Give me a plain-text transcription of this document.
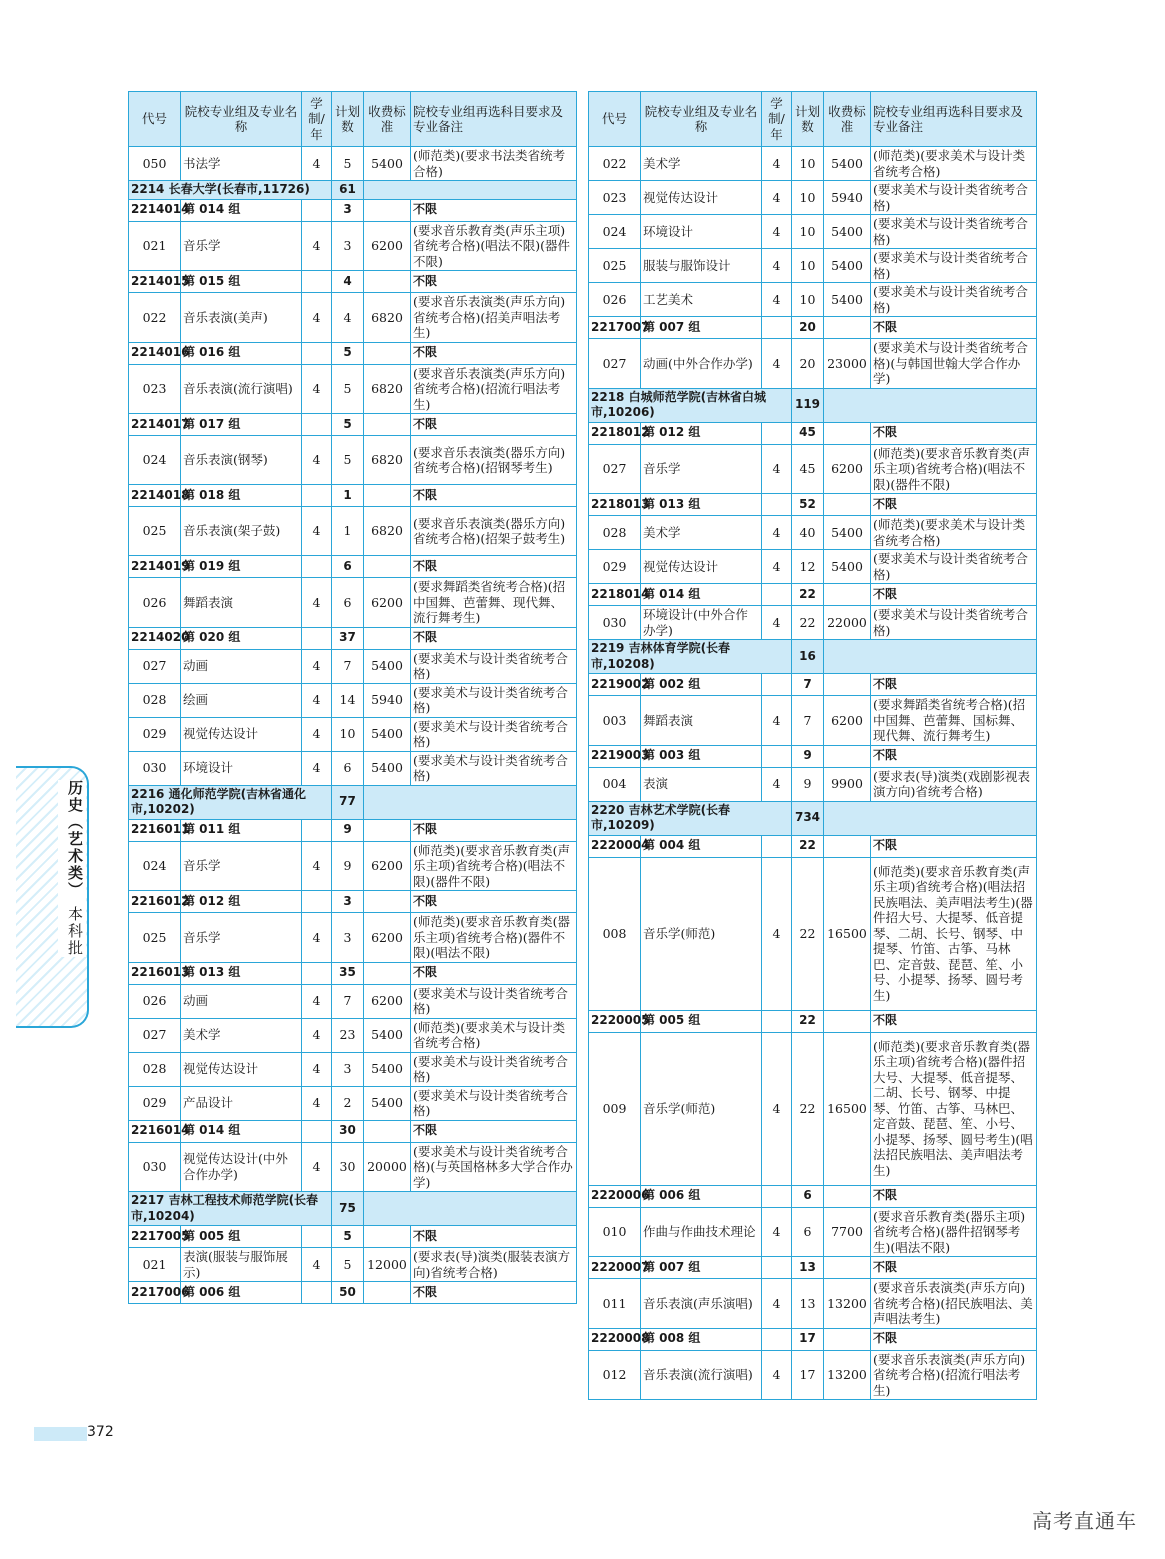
代号	院校专业组及专业名称	学制/年	计划数	收费标准	院校专业组再选科目要求及专业备注
050	书法学	4	5	5400	(师范类)(要求书法类省统考合格)
2214 长春大学(长春市,11726)			61		
2214014	第 014 组		3		不限
021	音乐学	4	3	6200	(要求音乐教育类(声乐主项)省统考合格)(唱法不限)(器件不限)
2214015	第 015 组		4		不限
022	音乐表演(美声)	4	4	6820	(要求音乐表演类(声乐方向)省统考合格)(招美声唱法考生)
2214016	第 016 组		5		不限
023	音乐表演(流行演唱)	4	5	6820	(要求音乐表演类(声乐方向)省统考合格)(招流行唱法考生)
2214017	第 017 组		5		不限
024	音乐表演(钢琴)	4	5	6820	(要求音乐表演类(器乐方向)省统考合格)(招钢琴考生)
2214018	第 018 组		1		不限
025	音乐表演(架子鼓)	4	1	6820	(要求音乐表演类(器乐方向)省统考合格)(招架子鼓考生)
2214019	第 019 组		6		不限
026	舞蹈表演	4	6	6200	(要求舞蹈类省统考合格)(招中国舞、芭蕾舞、现代舞、流行舞考生)
2214020	第 020 组		37		不限
027	动画	4	7	5400	(要求美术与设计类省统考合格)
028	绘画	4	14	5940	(要求美术与设计类省统考合格)
029	视觉传达设计	4	10	5400	(要求美术与设计类省统考合格)
030	环境设计	4	6	5400	(要求美术与设计类省统考合格)
2216 通化师范学院(吉林省通化市,10202)			77		
2216011	第 011 组		9		不限
024	音乐学	4	9	6200	(师范类)(要求音乐教育类(声乐主项)省统考合格)(唱法不限)(器件不限)
2216012	第 012 组		3		不限
025	音乐学	4	3	6200	(师范类)(要求音乐教育类(器乐主项)省统考合格)(器件不限)(唱法不限)
2216013	第 013 组		35		不限
026	动画	4	7	6200	(要求美术与设计类省统考合格)
027	美术学	4	23	5400	(师范类)(要求美术与设计类省统考合格)
028	视觉传达设计	4	3	5400	(要求美术与设计类省统考合格)
029	产品设计	4	2	5400	(要求美术与设计类省统考合格)
2216014	第 014 组		30		不限
030	视觉传达设计(中外合作办学)	4	30	20000	(要求美术与设计类省统考合格)(与英国格林多大学合作办学)
2217 吉林工程技术师范学院(长春市,10204)			75		
2217005	第 005 组		5		不限
021	表演(服装与服饰展示)	4	5	12000	(要求表(导)演类(服装表演方向)省统考合格)
2217006	第 006 组		50		不限
代号	院校专业组及专业名称	学制/年	计划数	收费标准	院校专业组再选科目要求及专业备注
022	美术学	4	10	5400	(师范类)(要求美术与设计类省统考合格)
023	视觉传达设计	4	10	5940	(要求美术与设计类省统考合格)
024	环境设计	4	10	5400	(要求美术与设计类省统考合格)
025	服装与服饰设计	4	10	5400	(要求美术与设计类省统考合格)
026	工艺美术	4	10	5400	(要求美术与设计类省统考合格)
2217007	第 007 组		20		不限
027	动画(中外合作办学)	4	20	23000	(要求美术与设计类省统考合格)(与韩国世翰大学合作办学)
2218 白城师范学院(吉林省白城市,10206)			119		
2218012	第 012 组		45		不限
027	音乐学	4	45	6200	(师范类)(要求音乐教育类(声乐主项)省统考合格)(唱法不限)(器件不限)
2218013	第 013 组		52		不限
028	美术学	4	40	5400	(师范类)(要求美术与设计类省统考合格)
029	视觉传达设计	4	12	5400	(要求美术与设计类省统考合格)
2218014	第 014 组		22		不限
030	环境设计(中外合作办学)	4	22	22000	(要求美术与设计类省统考合格)
2219 吉林体育学院(长春市,10208)			16		
2219002	第 002 组		7		不限
003	舞蹈表演	4	7	6200	(要求舞蹈类省统考合格)(招中国舞、芭蕾舞、国标舞、现代舞、流行舞考生)
2219003	第 003 组		9		不限
004	表演	4	9	9900	(要求表(导)演类(戏剧影视表演方向)省统考合格)
2220 吉林艺术学院(长春市,10209)			734		
2220004	第 004 组		22		不限
008	音乐学(师范)	4	22	16500	(师范类)(要求音乐教育类(声乐主项)省统考合格)(唱法招民族唱法、美声唱法考生)(器件招大号、大提琴、低音提琴、二胡、长号、钢琴、中提琴、竹笛、古筝、马林巴、定音鼓、琵琶、笙、小号、小提琴、扬琴、圆号考生)
2220005	第 005 组		22		不限
009	音乐学(师范)	4	22	16500	(师范类)(要求音乐教育类(器乐主项)省统考合格)(器件招大号、大提琴、低音提琴、二胡、长号、钢琴、中提琴、竹笛、古筝、马林巴、定音鼓、琵琶、笙、小号、小提琴、扬琴、圆号考生)(唱法招民族唱法、美声唱法考生)
2220006	第 006 组		6		不限
010	作曲与作曲技术理论	4	6	7700	(要求音乐教育类(器乐主项)省统考合格)(器件招钢琴考生)(唱法不限)
2220007	第 007 组		13		不限
011	音乐表演(声乐演唱)	4	13	13200	(要求音乐表演类(声乐方向)省统考合格)(招民族唱法、美声唱法考生)
2220008	第 008 组		17		不限
012	音乐表演(流行演唱)	4	17	13200	(要求音乐表演类(声乐方向)省统考合格)(招流行唱法考生)
历史（艺术类） 本科批
372
高考直通车
